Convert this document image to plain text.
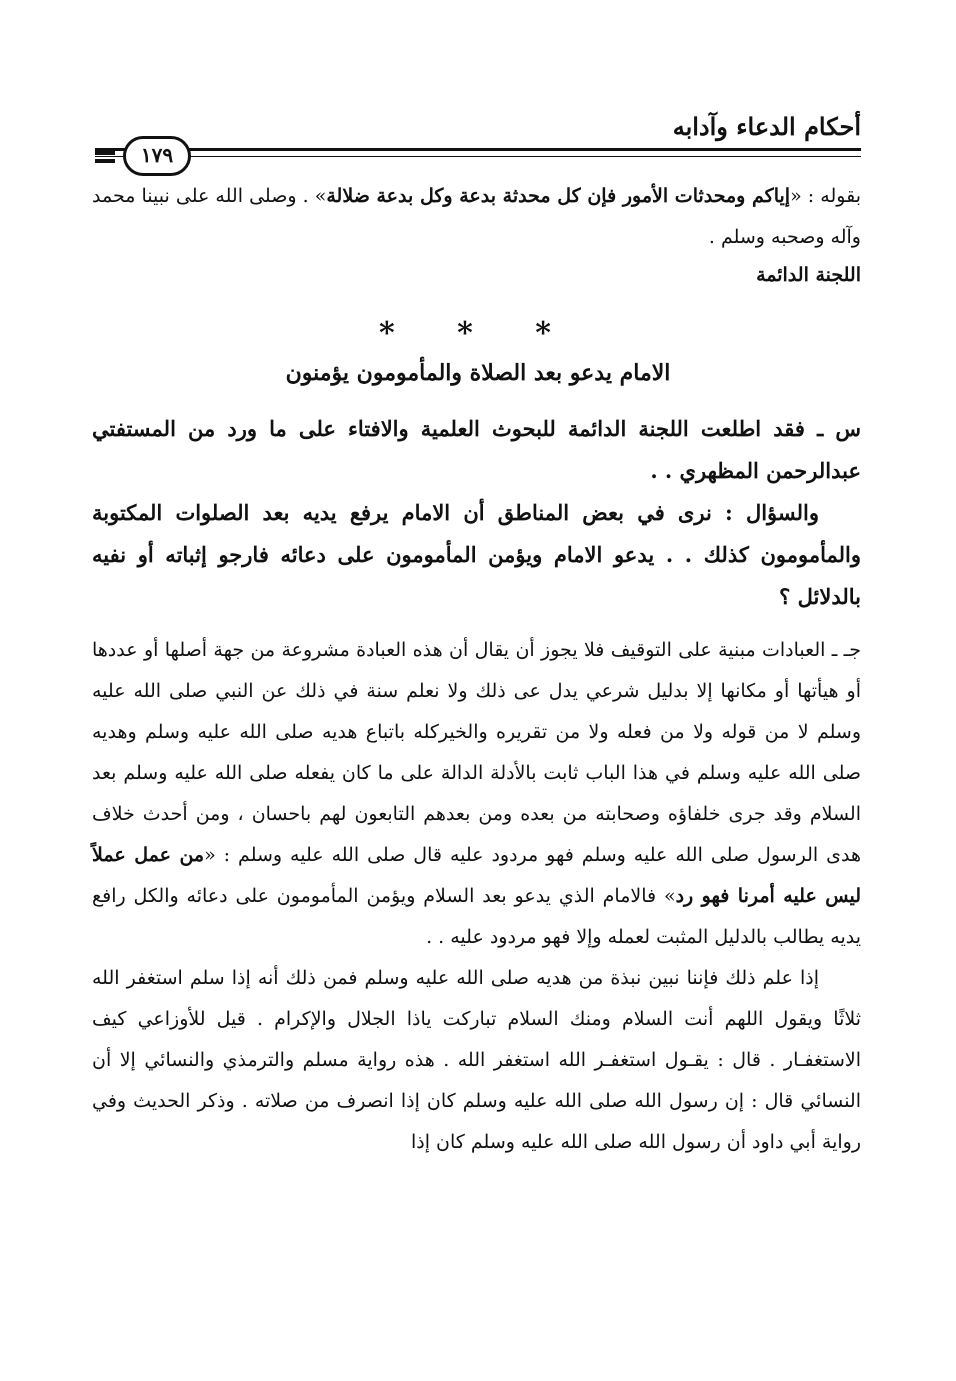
أحكام الدعاء وآدابه
١٧٩

بقوله : «إياكم ومحدثات الأمور فإن كل محدثة بدعة وكل بدعة ضلالة» . وصلى الله على نبينا محمد وآله وصحبه وسلم .

اللجنة الدائمة
* * *
الامام يدعو بعد الصلاة والمأمومون يؤمنون

س ـ فقد اطلعت اللجنة الدائمة للبحوث العلمية والافتاء على ما ورد من المستفتي عبدالرحمن المظهري . .

والسؤال : نرى في بعض المناطق أن الامام يرفع يديه بعد الصلوات المكتوبة والمأمومون كذلك . . يدعو الامام ويؤمن المأمومون على دعائه فارجو إثباته أو نفيه بالدلائل ؟

جـ ـ العبادات مبنية على التوقيف فلا يجوز أن يقال أن هذه العبادة مشروعة من جهة أصلها أو عددها أو هيأتها أو مكانها إلا بدليل شرعي يدل عى ذلك ولا نعلم سنة في ذلك عن النبي صلى الله عليه وسلم لا من قوله ولا من فعله ولا من تقريره والخيركله باتباع هديه صلى الله عليه وسلم وهديه صلى الله عليه وسلم في هذا الباب ثابت بالأدلة الدالة على ما كان يفعله صلى الله عليه وسلم بعد السلام وقد جرى خلفاؤه وصحابته من بعده ومن بعدهم التابعون لهم باحسان ، ومن أحدث خلاف هدى الرسول صلى الله عليه وسلم فهو مردود عليه قال صلى الله عليه وسلم : «من عمل عملاً ليس عليه أمرنا فهو رد» فالامام الذي يدعو بعد السلام ويؤمن المأمومون على دعائه والكل رافع يديه يطالب بالدليل المثبت لعمله وإلا فهو مردود عليه . .

إذا علم ذلك فإننا نبين نبذة من هديه صلى الله عليه وسلم فمن ذلك أنه إذا سلم استغفر الله ثلاثًا ويقول اللهم أنت السلام ومنك السلام تباركت ياذا الجلال والإكرام . قيل للأوزاعي كيف الاستغفـار . قال : يقـول استغفـر الله استغفر الله . هذه رواية مسلم والترمذي والنسائي إلا أن النسائي قال : إن رسول الله صلى الله عليه وسلم كان إذا انصرف من صلاته . وذكر الحديث وفي رواية أبي داود أن رسول الله صلى الله عليه وسلم كان إذا
